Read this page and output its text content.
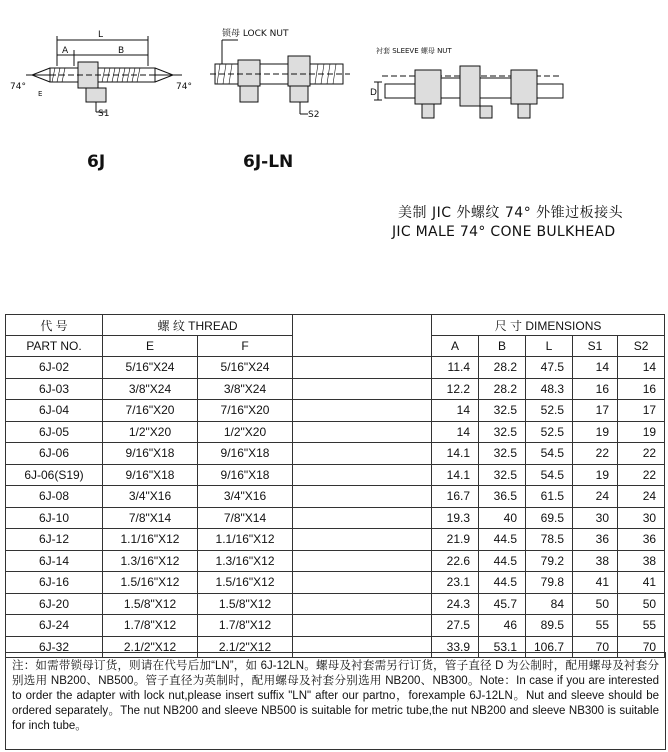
L
A	B
74°	74°
E
S1
锁母 LOCK NUT
S2
衬套 SLEEVE 螺母 NUT
D
6J	6J-LN
美制 JIC 外螺纹 74° 外锥过板接头
JIC MALE 74° CONE BULKHEAD
代 号	螺 纹 THREAD			尺 寸 DIMENSIONS				
PART NO.	E	F		A	B	L	S1	S2
6J-02	5/16"X24	5/16"X24		11.4	28.2	47.5	14	14
6J-03	3/8"X24	3/8"X24		12.2	28.2	48.3	16	16
6J-04	7/16"X20	7/16"X20		14	32.5	52.5	17	17
6J-05	1/2"X20	1/2"X20		14	32.5	52.5	19	19
6J-06	9/16"X18	9/16"X18		14.1	32.5	54.5	22	22
6J-06(S19)	9/16"X18	9/16"X18		14.1	32.5	54.5	19	22
6J-08	3/4"X16	3/4"X16		16.7	36.5	61.5	24	24
6J-10	7/8"X14	7/8"X14		19.3	40	69.5	30	30
6J-12	1.1/16"X12	1.1/16"X12		21.9	44.5	78.5	36	36
6J-14	1.3/16"X12	1.3/16"X12		22.6	44.5	79.2	38	38
6J-16	1.5/16"X12	1.5/16"X12		23.1	44.5	79.8	41	41
6J-20	1.5/8"X12	1.5/8"X12		24.3	45.7	84	50	50
6J-24	1.7/8"X12	1.7/8"X12		27.5	46	89.5	55	55
6J-32	2.1/2"X12	2.1/2"X12		33.9	53.1	106.7	70	70
注：如需带锁母订货，则请在代号后加“LN”，如 6J-12LN。螺母及衬套需另行订货，管子直径 D 为公制时，配用螺母及衬套分别选用 NB200、NB500。管子直径为英制时，配用螺母及衬套分别选用 NB200、NB300。Note：In case if you are interested to order the adapter with lock nut,please insert suffix "LN" after our partno，forexample 6J-12LN。Nut and sleeve should be ordered separately。The nut NB200 and sleeve NB500 is suitable for metric tube,the nut NB200 and sleeve NB300 is suitable for inch tube。
